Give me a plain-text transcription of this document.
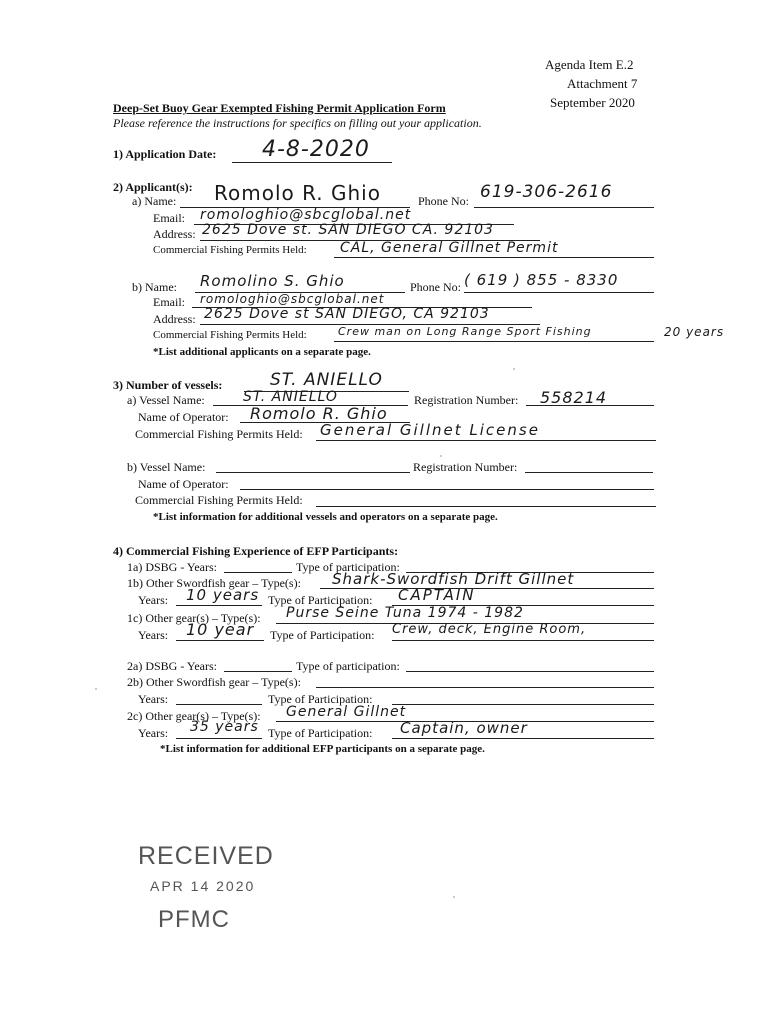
Agenda Item E.2
Attachment 7
September 2020
Deep-Set Buoy Gear Exempted Fishing Permit Application Form
Please reference the instructions for specifics on filling out your application.
1) Application Date: 4-8-2020
2) Applicant(s):
a) Name: Romolo R. Ghio	Phone No: 619-306-2616
Email: romologhio@sbcglobal.net
Address: 2625 Dove st. SAN DIEGO CA. 92103
Commercial Fishing Permits Held: CAL, General Gillnet Permit
b) Name: Romolino S. Ghio	Phone No: ( 619 ) 855 - 8330
Email: romologhio@sbcglobal.net
Address: 2625 Dove st SAN DIEGO, CA 92103
Commercial Fishing Permits Held:	Crew man on Long Range Sport Fishing	20 years
*List additional applicants on a separate page.
3) Number of vessels:	ST. ANIELLO
a) Vessel Name:	ST. ANIELLO	Registration Number: 558214
Name of Operator: Romolo R. Ghio
Commercial Fishing Permits Held: General Gillnet License
b) Vessel Name:	Registration Number:
Name of Operator:
Commercial Fishing Permits Held:
*List information for additional vessels and operators on a separate page.
4) Commercial Fishing Experience of EFP Participants:
1a) DSBG - Years:	Type of participation:
1b) Other Swordfish gear – Type(s): Shark-Swordfish Drift Gillnet
Years: 10 years Type of Participation: CAPTAIN
1c) Other gear(s) – Type(s): Purse Seine Tuna 1974 - 1982
Years: 10 year Type of Participation: Crew, deck, Engine Room,
2a) DSBG - Years:	Type of participation:
2b) Other Swordfish gear – Type(s):
Years:	Type of Participation:
2c) Other gear(s) – Type(s): General Gillnet
Years: 35 years Type of Participation: Captain, owner
*List information for additional EFP participants on a separate page.
RECEIVED
APR 14 2020
PFMC
